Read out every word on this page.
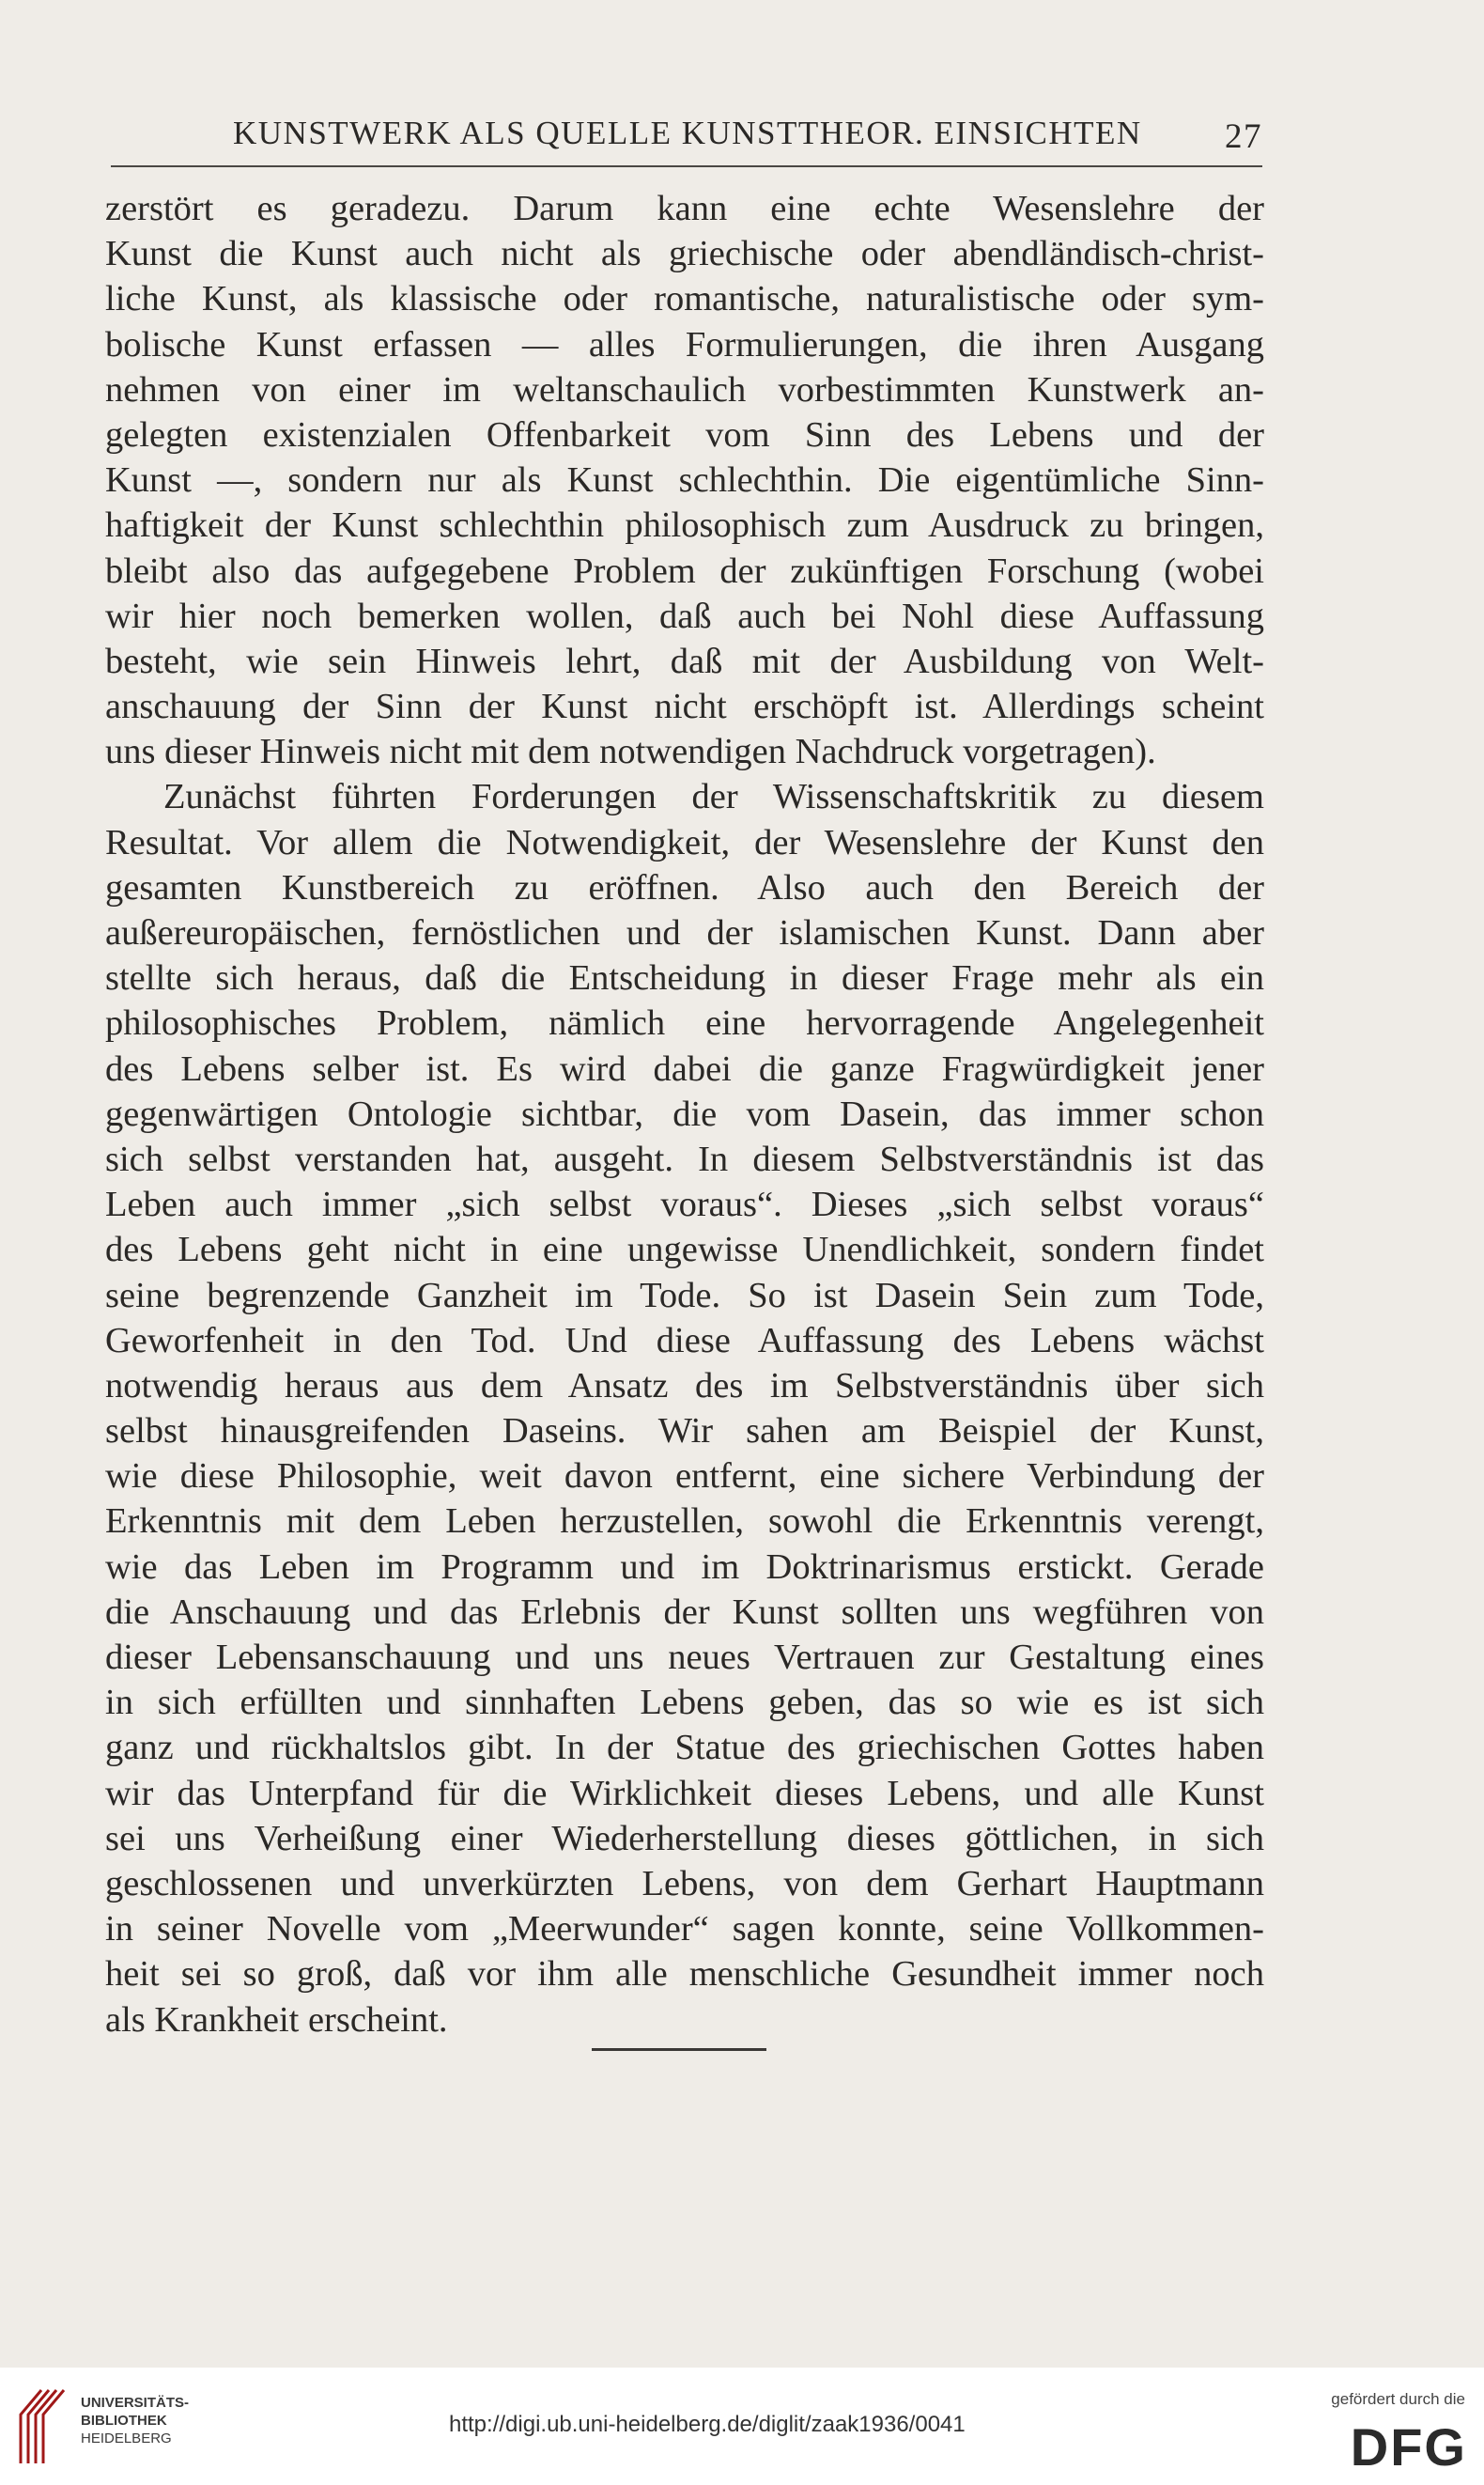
KUNSTWERK ALS QUELLE KUNSTTHEOR. EINSICHTEN 27
zerstört es geradezu. Darum kann eine echte Wesenslehre der
Kunst die Kunst auch nicht als griechische oder abendländisch-christ-
liche Kunst, als klassische oder romantische, naturalistische oder sym-
bolische Kunst erfassen — alles Formulierungen, die ihren Ausgang
nehmen von einer im weltanschaulich vorbestimmten Kunstwerk an-
gelegten existenzialen Offenbarkeit vom Sinn des Lebens und der
Kunst —, sondern nur als Kunst schlechthin. Die eigentümliche Sinn-
haftigkeit der Kunst schlechthin philosophisch zum Ausdruck zu bringen,
bleibt also das aufgegebene Problem der zukünftigen Forschung (wobei
wir hier noch bemerken wollen, daß auch bei Nohl diese Auffassung
besteht, wie sein Hinweis lehrt, daß mit der Ausbildung von Welt-
anschauung der Sinn der Kunst nicht erschöpft ist. Allerdings scheint
uns dieser Hinweis nicht mit dem notwendigen Nachdruck vorgetragen).
Zunächst führten Forderungen der Wissenschaftskritik zu diesem
Resultat. Vor allem die Notwendigkeit, der Wesenslehre der Kunst den
gesamten Kunstbereich zu eröffnen. Also auch den Bereich der
außereuropäischen, fernöstlichen und der islamischen Kunst. Dann aber
stellte sich heraus, daß die Entscheidung in dieser Frage mehr als ein
philosophisches Problem, nämlich eine hervorragende Angelegenheit
des Lebens selber ist. Es wird dabei die ganze Fragwürdigkeit jener
gegenwärtigen Ontologie sichtbar, die vom Dasein, das immer schon
sich selbst verstanden hat, ausgeht. In diesem Selbstverständnis ist das
Leben auch immer „sich selbst voraus“. Dieses „sich selbst voraus“
des Lebens geht nicht in eine ungewisse Unendlichkeit, sondern findet
seine begrenzende Ganzheit im Tode. So ist Dasein Sein zum Tode,
Geworfenheit in den Tod. Und diese Auffassung des Lebens wächst
notwendig heraus aus dem Ansatz des im Selbstverständnis über sich
selbst hinausgreifenden Daseins. Wir sahen am Beispiel der Kunst,
wie diese Philosophie, weit davon entfernt, eine sichere Verbindung der
Erkenntnis mit dem Leben herzustellen, sowohl die Erkenntnis verengt,
wie das Leben im Programm und im Doktrinarismus erstickt. Gerade
die Anschauung und das Erlebnis der Kunst sollten uns wegführen von
dieser Lebensanschauung und uns neues Vertrauen zur Gestaltung eines
in sich erfüllten und sinnhaften Lebens geben, das so wie es ist sich
ganz und rückhaltslos gibt. In der Statue des griechischen Gottes haben
wir das Unterpfand für die Wirklichkeit dieses Lebens, und alle Kunst
sei uns Verheißung einer Wiederherstellung dieses göttlichen, in sich
geschlossenen und unverkürzten Lebens, von dem Gerhart Hauptmann
in seiner Novelle vom „Meerwunder“ sagen konnte, seine Vollkommen-
heit sei so groß, daß vor ihm alle menschliche Gesundheit immer noch
als Krankheit erscheint.
UNIVERSITÄTS-
BIBLIOTHEK
HEIDELBERG
http://digi.ub.uni-heidelberg.de/diglit/zaak1936/0041
gefördert durch die
DFG
